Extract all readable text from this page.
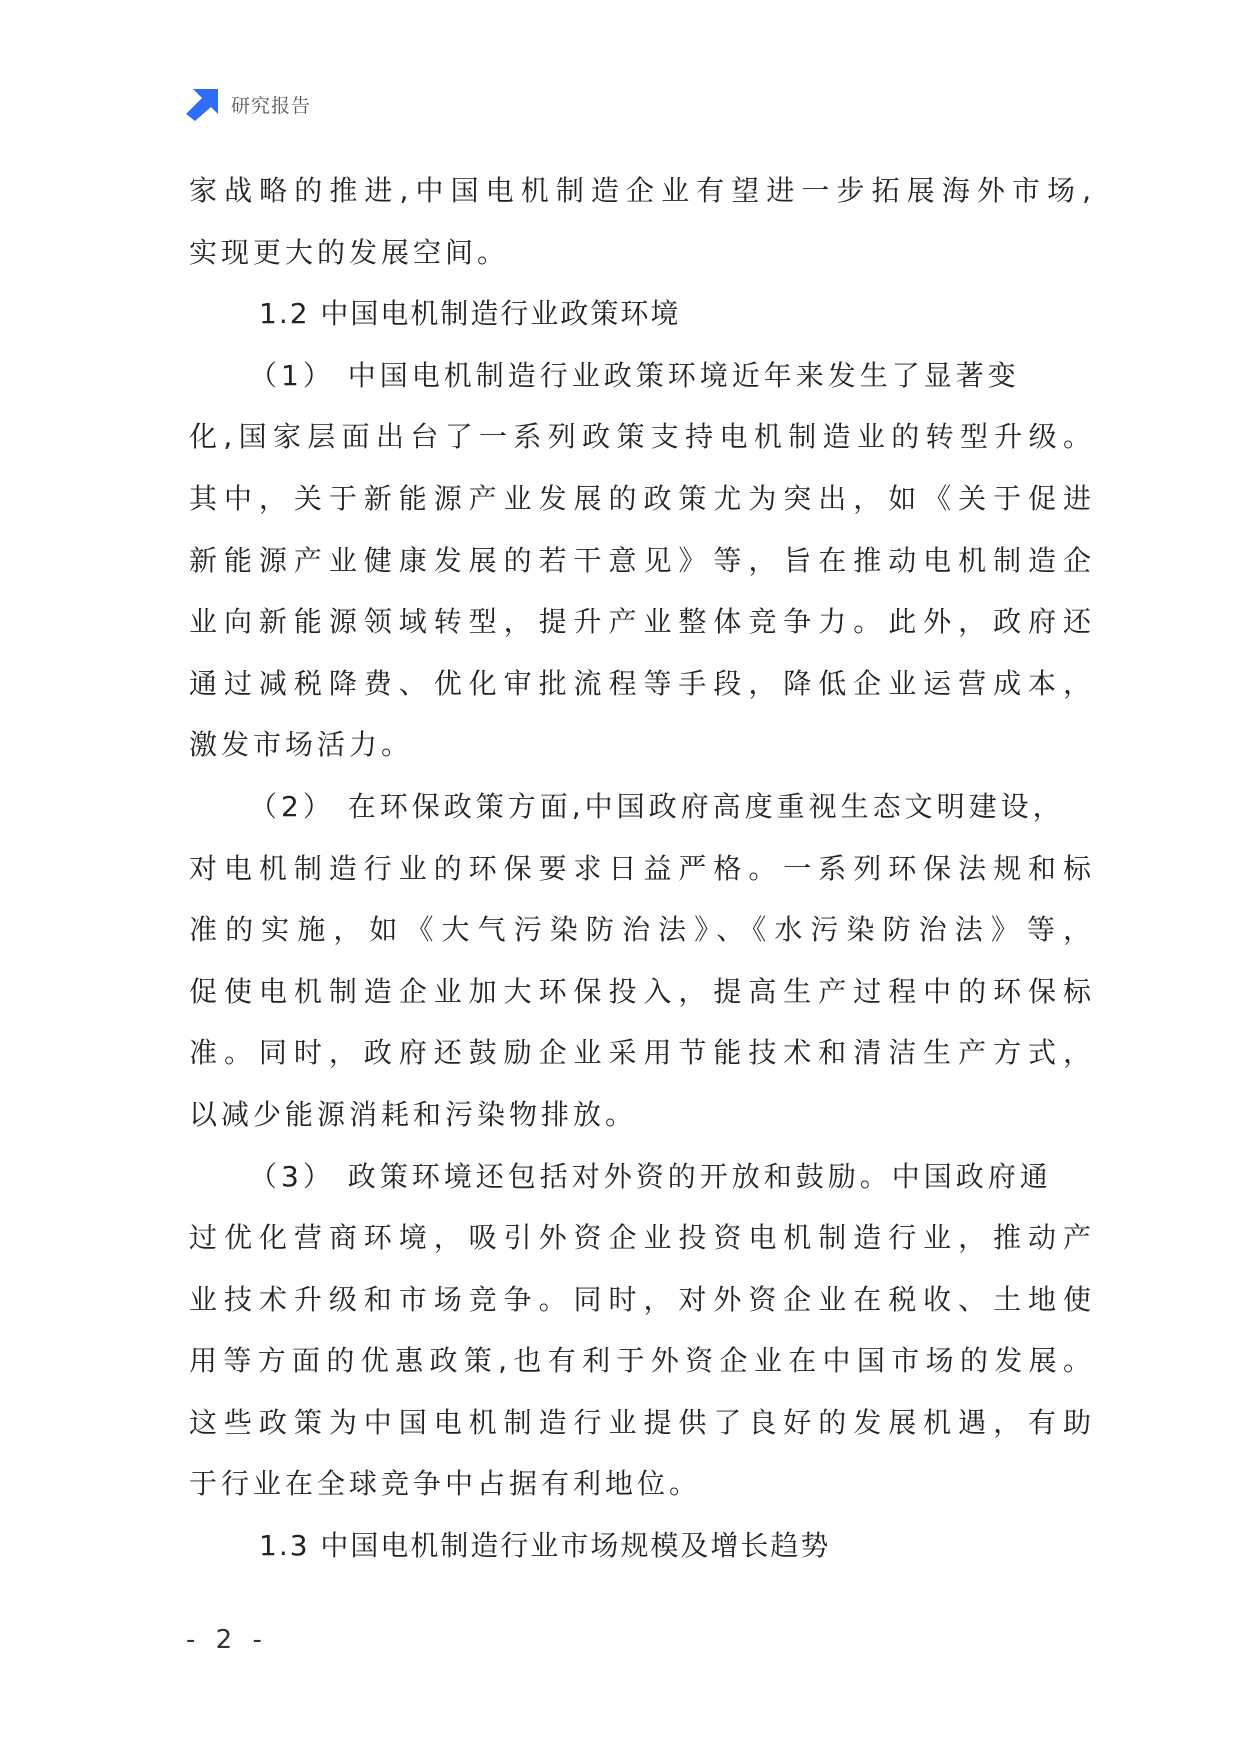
研究报告
家战略的推进,中国电机制造企业有望进一步拓展海外市场,
实现更大的发展空间。
1.2 中国电机制造行业政策环境
（1） 中国电机制造行业政策环境近年来发生了显著变
化,国家层面出台了一系列政策支持电机制造业的转型升级。
其中，关于新能源产业发展的政策尤为突出，如《关于促进
新能源产业健康发展的若干意见》等，旨在推动电机制造企
业向新能源领域转型，提升产业整体竞争力。此外，政府还
通过减税降费、优化审批流程等手段，降低企业运营成本，
激发市场活力。
（2） 在环保政策方面,中国政府高度重视生态文明建设，
对电机制造行业的环保要求日益严格。一系列环保法规和标
准的实施，如《大气污染防治法》、《水污染防治法》等，
促使电机制造企业加大环保投入，提高生产过程中的环保标
准。同时，政府还鼓励企业采用节能技术和清洁生产方式，
以减少能源消耗和污染物排放。
（3） 政策环境还包括对外资的开放和鼓励。中国政府通
过优化营商环境，吸引外资企业投资电机制造行业，推动产
业技术升级和市场竞争。同时，对外资企业在税收、土地使
用等方面的优惠政策,也有利于外资企业在中国市场的发展。
这些政策为中国电机制造行业提供了良好的发展机遇，有助
于行业在全球竞争中占据有利地位。
1.3 中国电机制造行业市场规模及增长趋势
- 2 -
